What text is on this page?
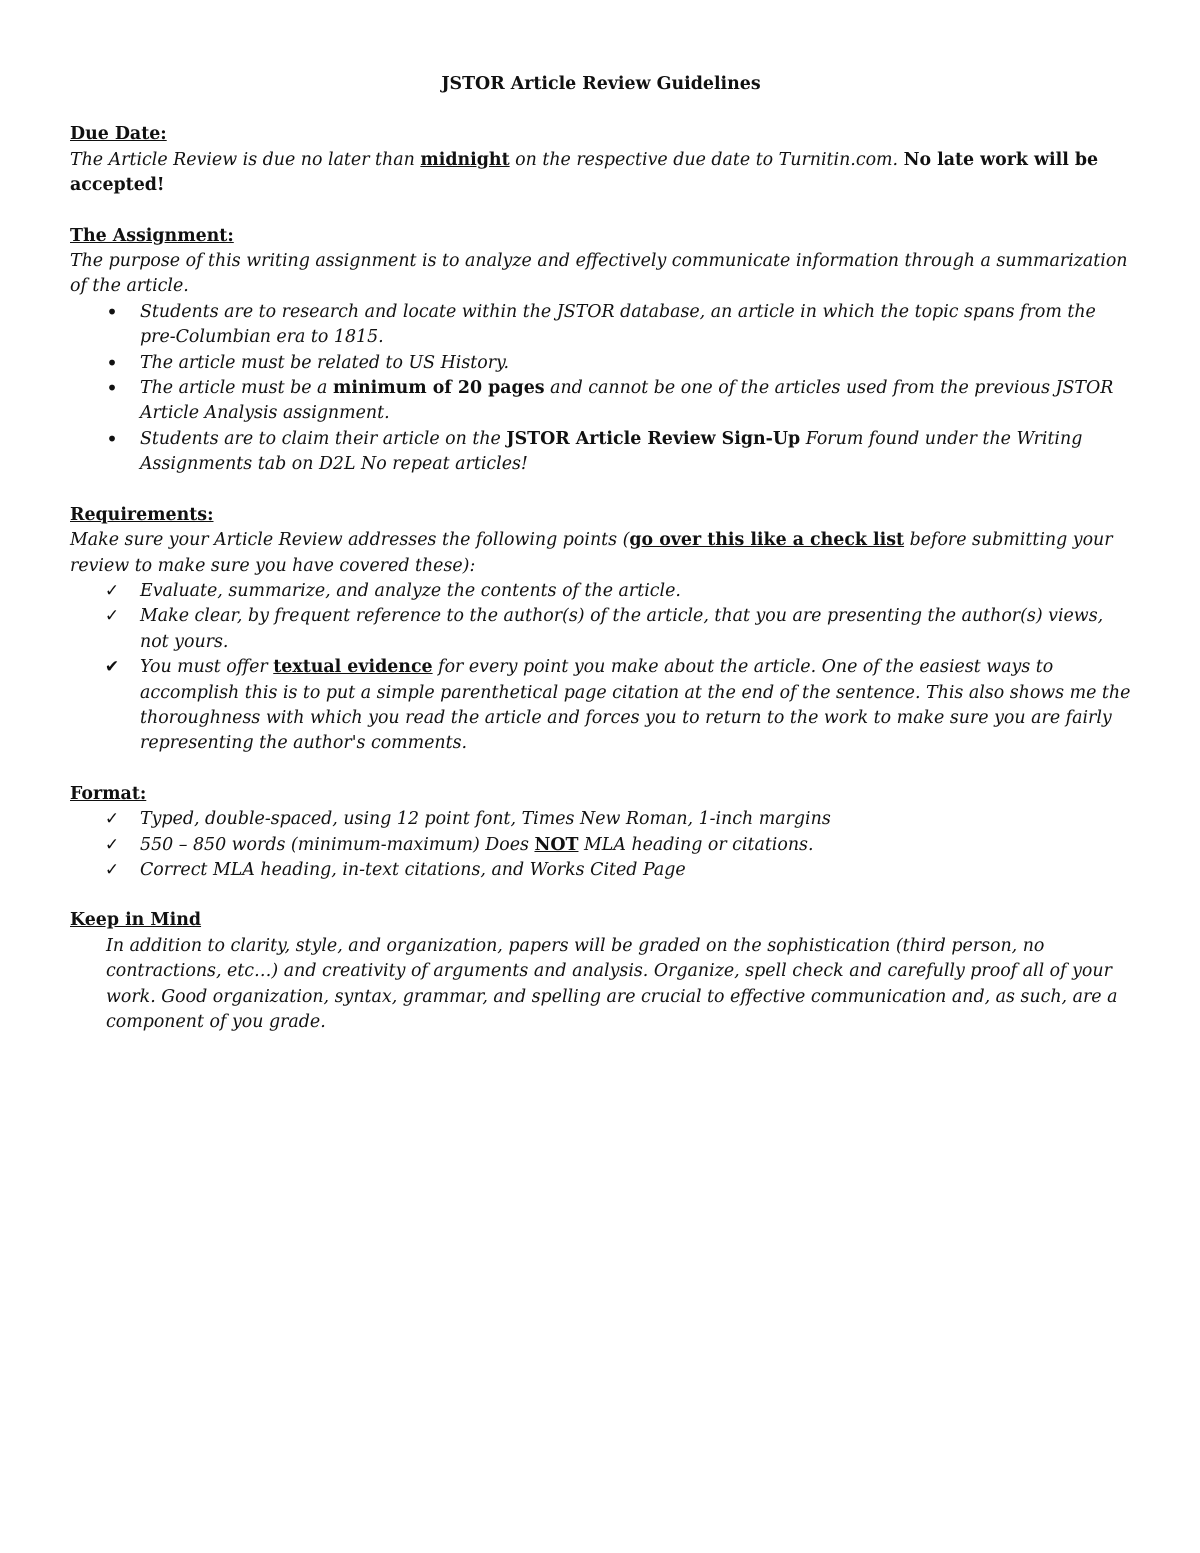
JSTOR Article Review Guidelines
Due Date:
The Article Review is due no later than midnight on the respective due date to Turnitin.com. No late work will be accepted!
The Assignment:
The purpose of this writing assignment is to analyze and effectively communicate information through a summarization of the article.
• Students are to research and locate within the JSTOR database, an article in which the topic spans from the pre-Columbian era to 1815.
• The article must be related to US History.
• The article must be a minimum of 20 pages and cannot be one of the articles used from the previous JSTOR Article Analysis assignment.
• Students are to claim their article on the JSTOR Article Review Sign-Up Forum found under the Writing Assignments tab on D2L No repeat articles!
Requirements:
Make sure your Article Review addresses the following points (go over this like a check list before submitting your review to make sure you have covered these):
✓ Evaluate, summarize, and analyze the contents of the article.
✓ Make clear, by frequent reference to the author(s) of the article, that you are presenting the author(s) views, not yours.
✔ You must offer textual evidence for every point you make about the article. One of the easiest ways to accomplish this is to put a simple parenthetical page citation at the end of the sentence. This also shows me the thoroughness with which you read the article and forces you to return to the work to make sure you are fairly representing the author's comments.
Format:
✓ Typed, double-spaced, using 12 point font, Times New Roman, 1-inch margins
✓ 550 – 850 words (minimum-maximum) Does NOT MLA heading or citations.
✓ Correct MLA heading, in-text citations, and Works Cited Page
Keep in Mind
In addition to clarity, style, and organization, papers will be graded on the sophistication (third person, no contractions, etc…) and creativity of arguments and analysis. Organize, spell check and carefully proof all of your work. Good organization, syntax, grammar, and spelling are crucial to effective communication and, as such, are a component of you grade.
